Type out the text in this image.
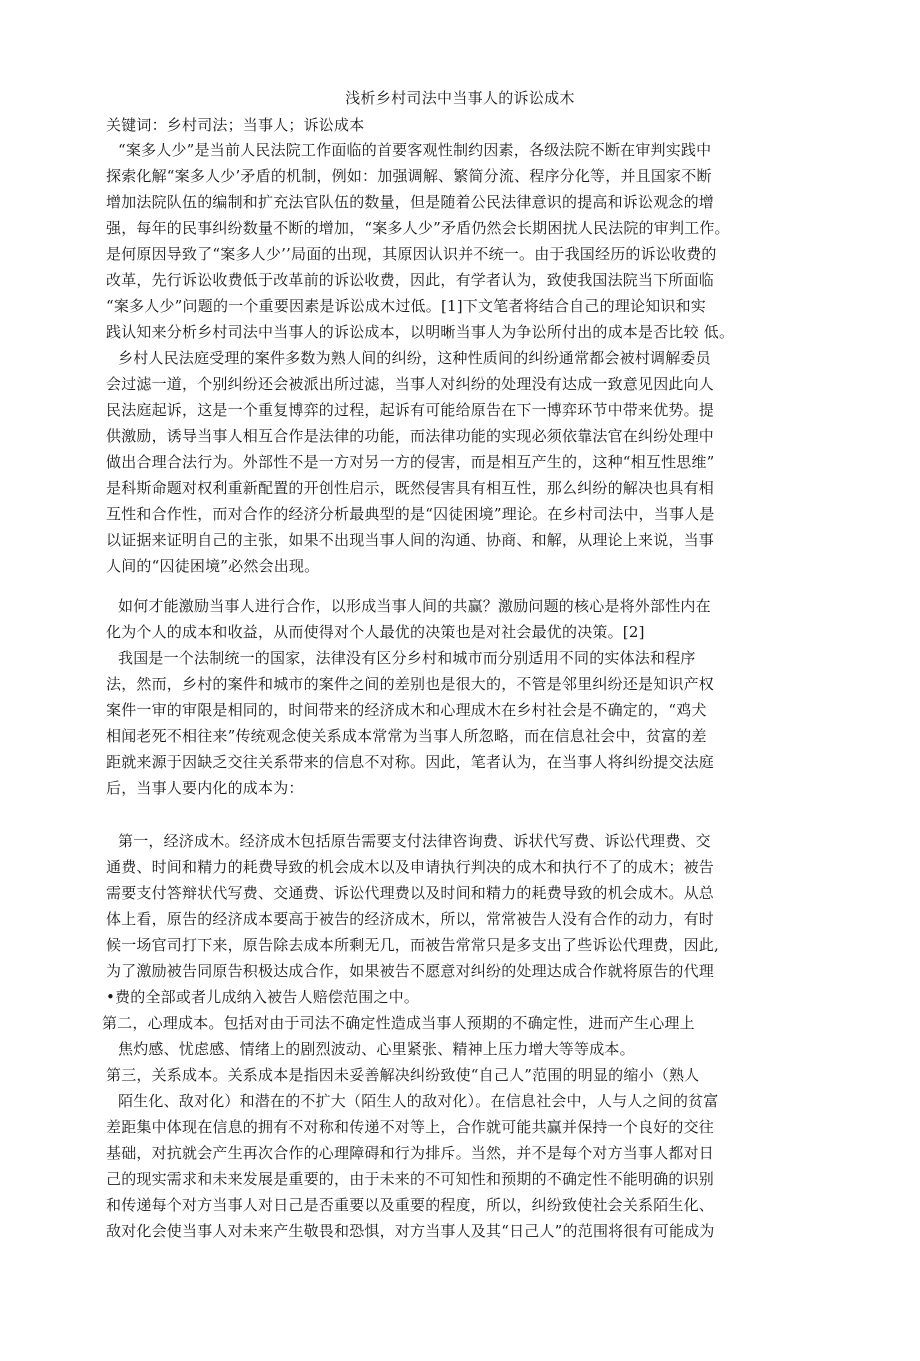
浅析乡村司法中当事人的诉讼成木
关键词：乡村司法；当事人；诉讼成本
“案多人少”是当前人民法院工作面临的首要客观性制约因素，各级法院不断在审判实践中
探索化解“案多人少’矛盾的机制，例如：加强调解、繁简分流、程序分化等，并且国家不断
增加法院队伍的编制和扩充法官队伍的数量，但是随着公民法律意识的提高和诉讼观念的增
强，每年的民事纠纷数量不断的增加，“案多人少”矛盾仍然会长期困扰人民法院的审判工作。
是何原因导致了“案多人少’’局面的出现，其原因认识并不统一。由于我国经历的诉讼收费的
改革，先行诉讼收费低于改革前的诉讼收费，因此，有学者认为，致使我国法院当下所面临
“案多人少”问题的一个重要因素是诉讼成木过低。[1]下文笔者将结合自己的理论知识和实
践认知来分析乡村司法中当事人的诉讼成本，以明晰当事人为争讼所付出的成本是否比较 低。
乡村人民法庭受理的案件多数为熟人间的纠纷，这种性质间的纠纷通常都会被村调解委员
会过滤一道，个别纠纷还会被派出所过滤，当事人对纠纷的处理没有达成一致意见因此向人
民法庭起诉，这是一个重复博弈的过程，起诉有可能给原告在下一博弈环节中带来优势。提
供激励，诱导当事人相互合作是法律的功能，而法律功能的实现必须依靠法官在纠纷处理中
做出合理合法行为。外部性不是一方对另一方的侵害，而是相互产生的，这种“相互性思维”
是科斯命题对权利重新配置的开创性启示，既然侵害具有相互性，那么纠纷的解决也具有相
互性和合作性，而对合作的经济分析最典型的是“囚徒困境”理论。在乡村司法中，当事人是
以证据来证明自己的主张，如果不出现当事人间的沟通、协商、和解，从理论上来说，当事
人间的“囚徒困境”必然会出现。
如何才能激励当事人进行合作，以形成当事人间的共赢？激励问题的核心是将外部性内在
化为个人的成本和收益，从而使得对个人最优的决策也是对社会最优的决策。[2]
我国是一个法制统一的国家，法律没有区分乡村和城市而分别适用不同的实体法和程序
法，然而，乡村的案件和城市的案件之间的差别也是很大的，不管是邻里纠纷还是知识产权
案件一审的审限是相同的，时间带来的经济成木和心理成木在乡村社会是不确定的，“鸡犬
相闻老死不相往来”传统观念使关系成本常常为当事人所忽略，而在信息社会中，贫富的差
距就来源于因缺乏交往关系带来的信息不对称。因此，笔者认为，在当事人将纠纷提交法庭
后，当事人要内化的成本为：
第一，经济成木。经济成木包括原告需要支付法律咨询费、诉状代写费、诉讼代理费、交
通费、时间和精力的耗费导致的机会成木以及申请执行判决的成木和执行不了的成木；被告
需要支付答辩状代写费、交通费、诉讼代理费以及时间和精力的耗费导致的机会成木。从总
体上看，原告的经济成本要高于被告的经济成木，所以，常常被告人没有合作的动力，有时
候一场官司打下来，原告除去成本所剩无几，而被告常常只是多支出了些诉讼代理费，因此,
为了激励被告同原告积极达成合作，如果被告不愿意对纠纷的处理达成合作就将原告的代理
•费的全部或者儿成纳入被告人赔偿范围之中。
第二，心理成本。包括对由于司法不确定性造成当事人预期的不确定性，进而产生心理上
焦灼感、忧虑感、情绪上的剧烈波动、心里紧张、精神上压力增大等等成本。
第三，关系成本。关系成本是指因未妥善解决纠纷致使“自己人”范围的明显的缩小（熟人
陌生化、敌对化）和潜在的不扩大（陌生人的敌对化）。在信息社会中，人与人之间的贫富
差距集中体现在信息的拥有不对称和传递不对等上，合作就可能共赢并保持一个良好的交往
基础，对抗就会产生再次合作的心理障碍和行为排斥。当然，并不是每个对方当事人都对日
己的现实需求和未来发展是重要的，由于未来的不可知性和预期的不确定性不能明确的识别
和传递每个对方当事人对日己是否重要以及重要的程度，所以，纠纷致使社会关系陌生化、
敌对化会使当事人对未来产生敬畏和恐惧，对方当事人及其“日己人”的范围将很有可能成为
